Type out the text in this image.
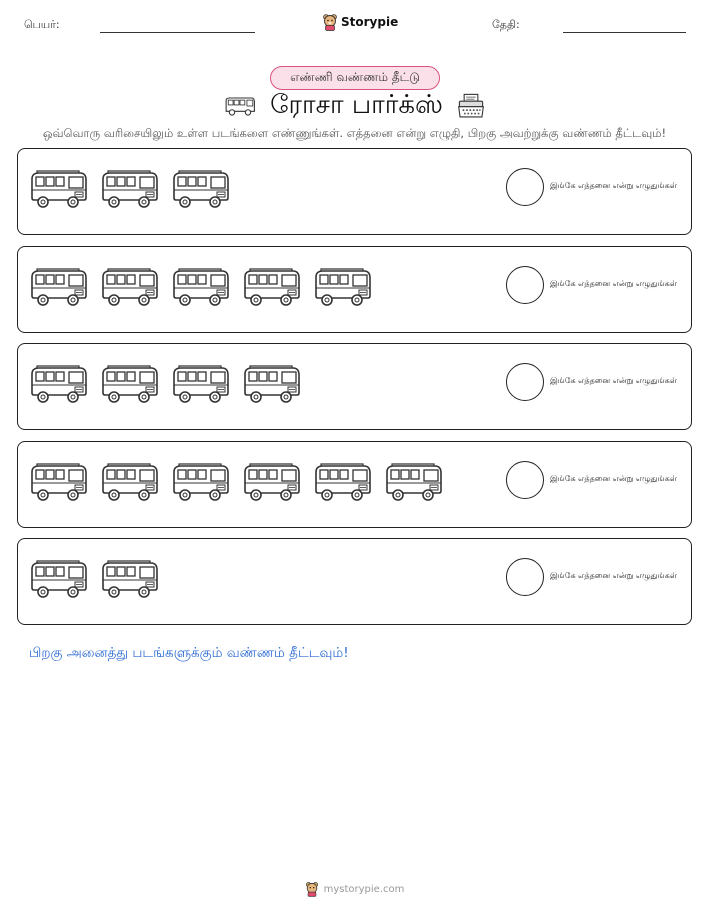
பெயர்:	Storypie	தேதி:
எண்ணி வண்ணம் தீட்டு
ரோசா பார்க்ஸ்
ஒவ்வொரு வரிசையிலும் உள்ள படங்களை எண்ணுங்கள். எத்தனை என்று எழுதி, பிறகு அவற்றுக்கு வண்ணம் தீட்டவும்!
இங்கே எத்தனை என்று எழுதுங்கள்
இங்கே எத்தனை என்று எழுதுங்கள்
இங்கே எத்தனை என்று எழுதுங்கள்
இங்கே எத்தனை என்று எழுதுங்கள்
இங்கே எத்தனை என்று எழுதுங்கள்
பிறகு அனைத்து படங்களுக்கும் வண்ணம் தீட்டவும்!
mystorypie.com
